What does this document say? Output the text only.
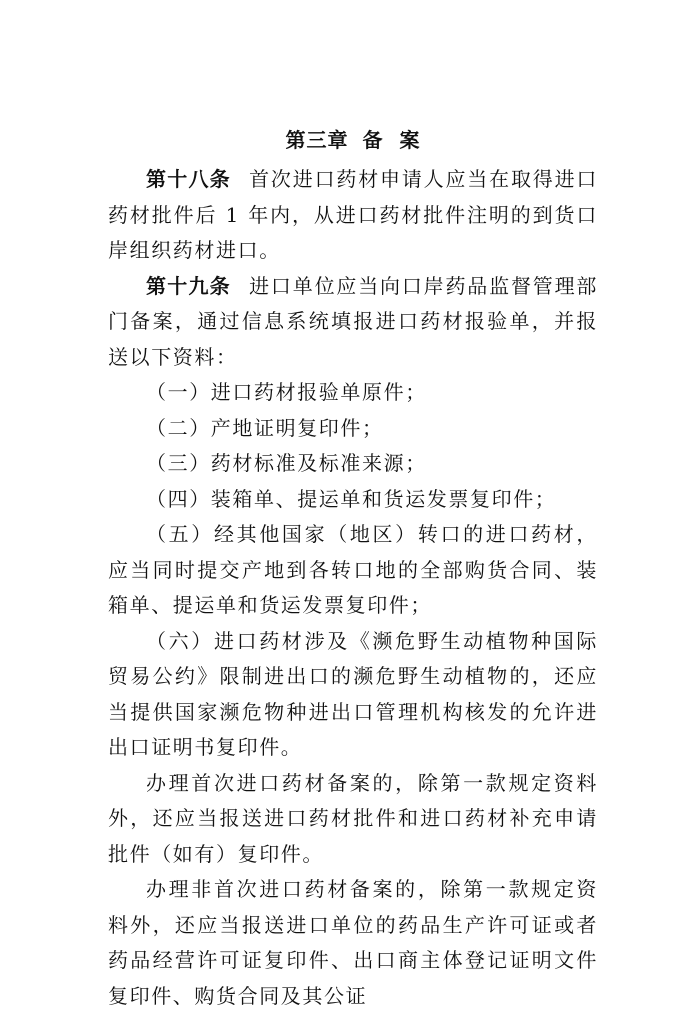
第三章 备  案

第十八条 首次进口药材申请人应当在取得进口药材批件后 1 年内，从进口药材批件注明的到货口岸组织药材进口。

第十九条 进口单位应当向口岸药品监督管理部门备案，通过信息系统填报进口药材报验单，并报送以下资料：

（一）进口药材报验单原件；

（二）产地证明复印件；

（三）药材标准及标准来源；

（四）装箱单、提运单和货运发票复印件；

（五）经其他国家（地区）转口的进口药材，应当同时提交产地到各转口地的全部购货合同、装箱单、提运单和货运发票复印件；

（六）进口药材涉及《濒危野生动植物种国际贸易公约》限制进出口的濒危野生动植物的，还应当提供国家濒危物种进出口管理机构核发的允许进出口证明书复印件。

办理首次进口药材备案的，除第一款规定资料外，还应当报送进口药材批件和进口药材补充申请批件（如有）复印件。

办理非首次进口药材备案的，除第一款规定资料外，还应当报送进口单位的药品生产许可证或者药品经营许可证复印件、出口商主体登记证明文件复印件、购货合同及其公证
